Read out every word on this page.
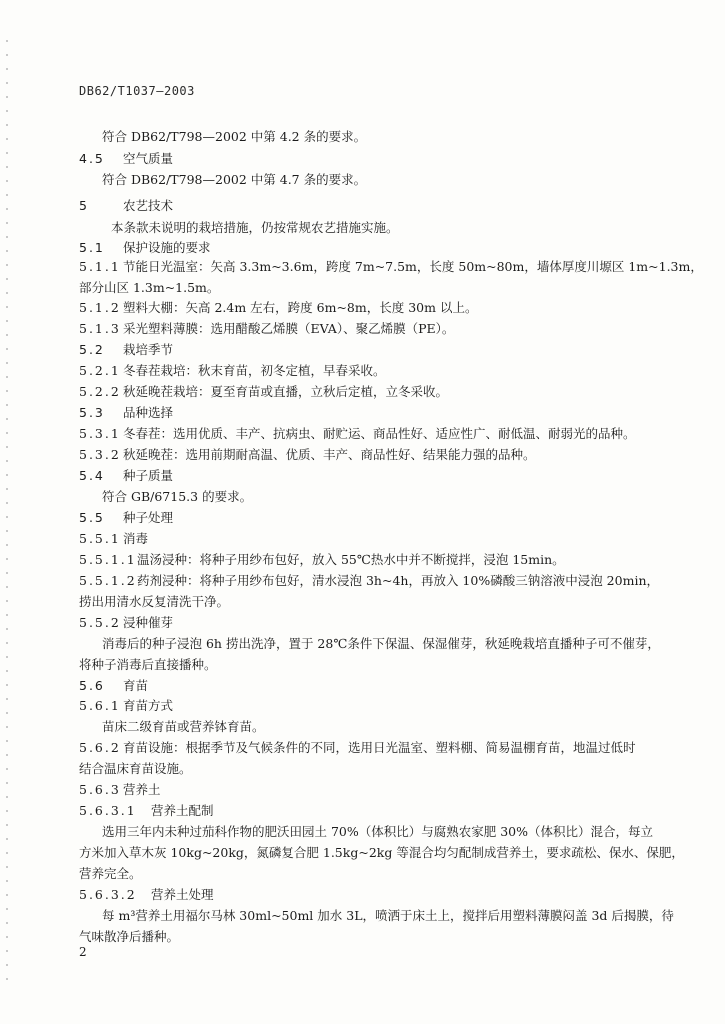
DB62/T1037—2003
符合 DB62/T798—2002 中第 4.2 条的要求。
4.5 空气质量
符合 DB62/T798—2002 中第 4.7 条的要求。
5	农艺技术
本条款未说明的栽培措施，仍按常规农艺措施实施。
5.1 保护设施的要求
5.1.1 节能日光温室：矢高 3.3m~3.6m，跨度 7m~7.5m，长度 50m~80m，墙体厚度川塬区 1m~1.3m，
部分山区 1.3m~1.5m。
5.1.2 塑料大棚：矢高 2.4m 左右，跨度 6m~8m，长度 30m 以上。
5.1.3 采光塑料薄膜：选用醋酸乙烯膜（EVA）、聚乙烯膜（PE）。
5.2 栽培季节
5.2.1 冬春茬栽培：秋末育苗，初冬定植，早春采收。
5.2.2 秋延晚茬栽培：夏至育苗或直播，立秋后定植，立冬采收。
5.3 品种选择
5.3.1 冬春茬：选用优质、丰产、抗病虫、耐贮运、商品性好、适应性广、耐低温、耐弱光的品种。
5.3.2 秋延晚茬：选用前期耐高温、优质、丰产、商品性好、结果能力强的品种。
5.4 种子质量
符合 GB/6715.3 的要求。
5.5 种子处理
5.5.1 消毒
5.5.1.1温汤浸种：将种子用纱布包好，放入 55℃热水中并不断搅拌，浸泡 15min。
5.5.1.2药剂浸种：将种子用纱布包好，清水浸泡 3h~4h，再放入 10%磷酸三钠溶液中浸泡 20min，
捞出用清水反复清洗干净。
5.5.2 浸种催芽
消毒后的种子浸泡 6h 捞出洗净，置于 28℃条件下保温、保湿催芽，秋延晚栽培直播种子可不催芽，
将种子消毒后直接播种。
5.6 育苗
5.6.1 育苗方式
苗床二级育苗或营养钵育苗。
5.6.2 育苗设施：根据季节及气候条件的不同，选用日光温室、塑料棚、简易温棚育苗，地温过低时
结合温床育苗设施。
5.6.3 营养土
5.6.3.1 营养土配制
选用三年内未种过茄科作物的肥沃田园土 70%（体积比）与腐熟农家肥 30%（体积比）混合，每立
方米加入草木灰 10kg~20kg，氮磷复合肥 1.5kg~2kg 等混合均匀配制成营养土，要求疏松、保水、保肥，
营养完全。
5.6.3.2 营养土处理
每 m³营养土用福尔马林 30ml~50ml 加水 3L，喷洒于床土上，搅拌后用塑料薄膜闷盖 3d 后揭膜，待
气味散净后播种。
2
